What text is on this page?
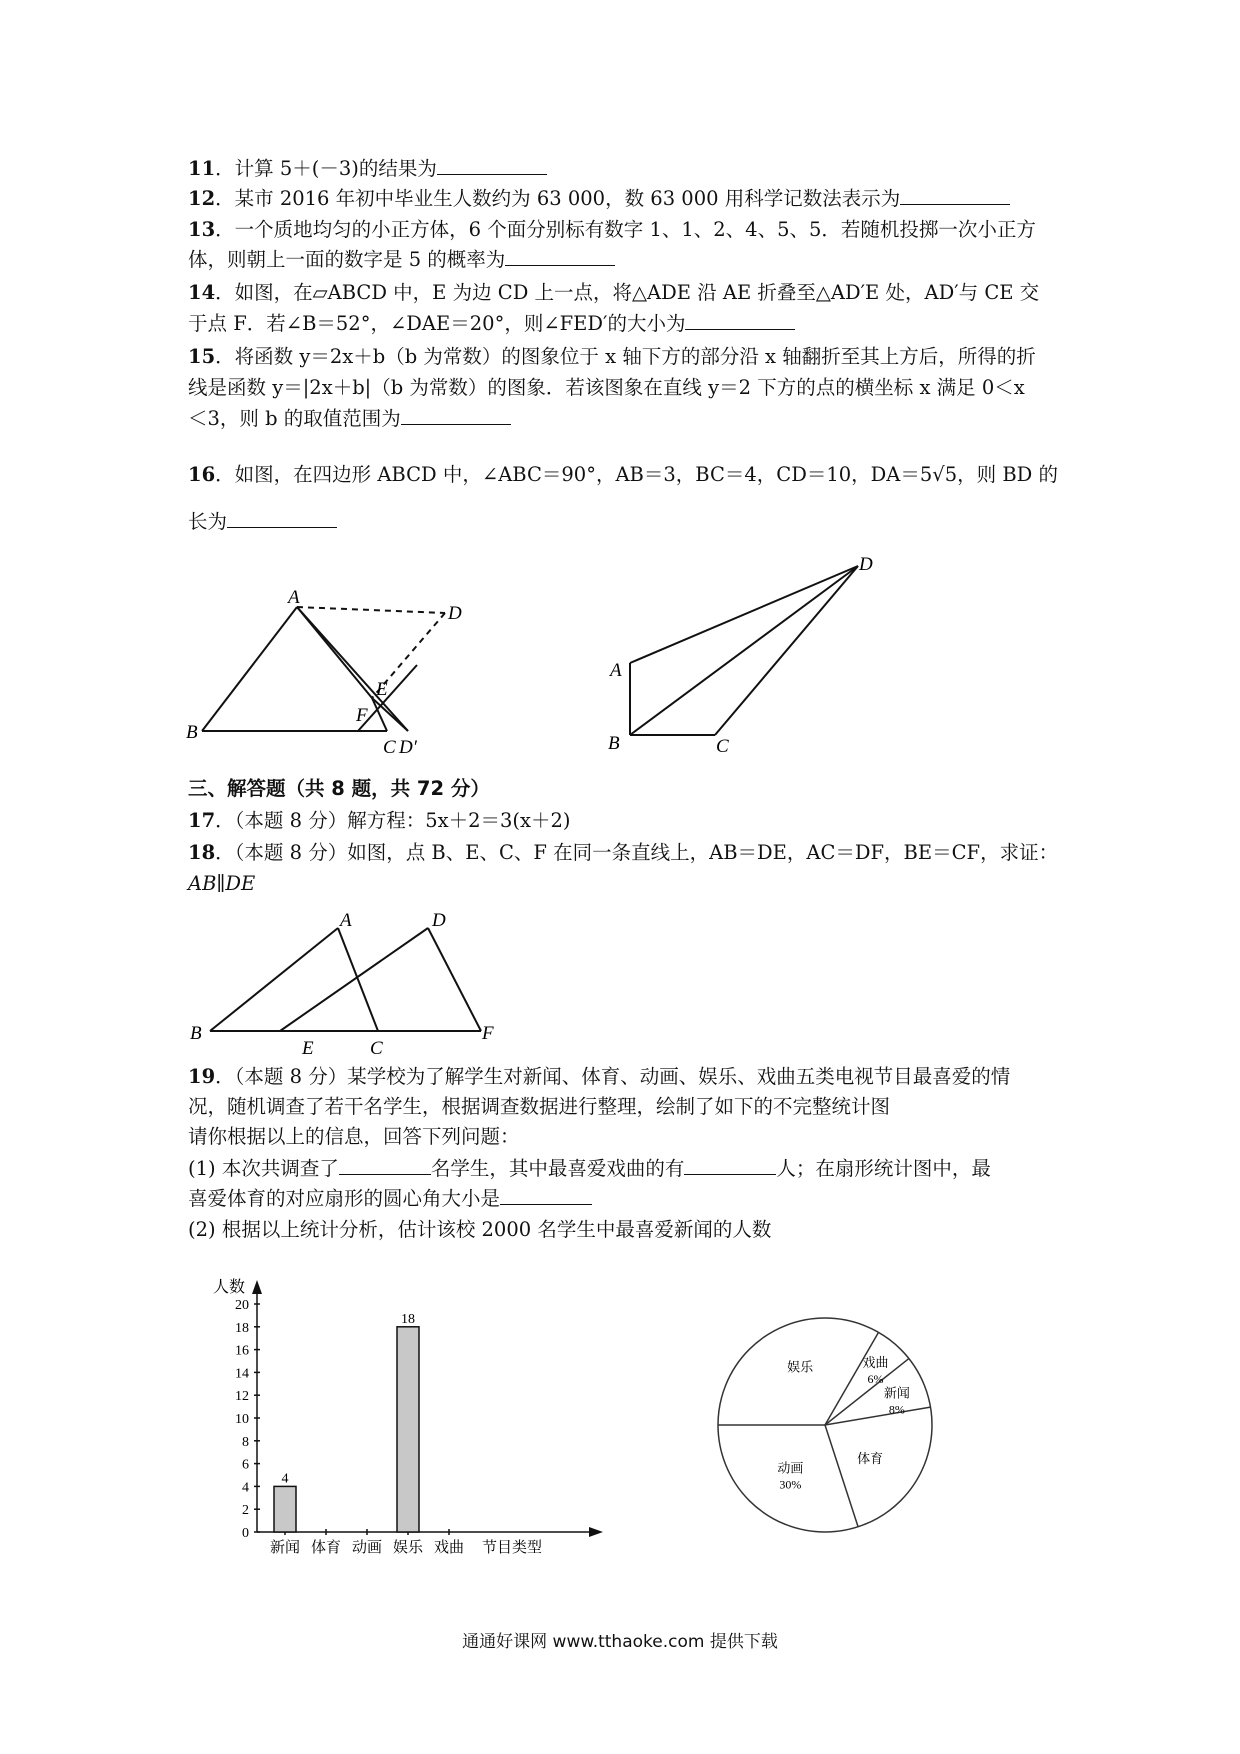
11．计算 5＋(－3)的结果为
12．某市 2016 年初中毕业生人数约为 63 000，数 63 000 用科学记数法表示为
13．一个质地均匀的小正方体，6 个面分别标有数字 1、1、2、4、5、5．若随机投掷一次小正方
体，则朝上一面的数字是 5 的概率为
14．如图，在▱ABCD 中，E 为边 CD 上一点，将△ADE 沿 AE 折叠至△AD′E 处，AD′与 CE 交
于点 F．若∠B＝52°，∠DAE＝20°，则∠FED′的大小为
15．将函数 y＝2x＋b（b 为常数）的图象位于 x 轴下方的部分沿 x 轴翻折至其上方后，所得的折
线是函数 y＝|2x＋b|（b 为常数）的图象．若该图象在直线 y＝2 下方的点的横坐标 x 满足 0＜x
＜3，则 b 的取值范围为
16．如图，在四边形 ABCD 中，∠ABC＝90°，AB＝3，BC＝4，CD＝10，DA＝5√5，则 BD 的
长为
A
B
C
D
E
F
D′
A
B	C
D
三、解答题（共 8 题，共 72 分）
17．（本题 8 分）解方程：5x＋2＝3(x＋2)
18．（本题 8 分）如图，点 B、E、C、F 在同一条直线上，AB＝DE，AC＝DF，BE＝CF，求证：
AB∥DE
A
B
C
D
E
F
19．（本题 8 分）某学校为了解学生对新闻、体育、动画、娱乐、戏曲五类电视节目最喜爱的情
况，随机调查了若干名学生，根据调查数据进行整理，绘制了如下的不完整统计图
请你根据以上的信息，回答下列问题：
(1) 本次共调查了	名学生，其中最喜爱戏曲的有	人；在扇形统计图中，最
喜爱体育的对应扇形的圆心角大小是
(2) 根据以上统计分析，估计该校 2000 名学生中最喜爱新闻的人数
人数
0
2
4
6
8
10
12
14
16
18
20
4
新闻 体育 动画
18
娱乐 戏曲 节目类型
娱乐	戏曲
6%
新闻
8%
体育
动画
30%
通通好课网 www.tthaoke.com 提供下载
